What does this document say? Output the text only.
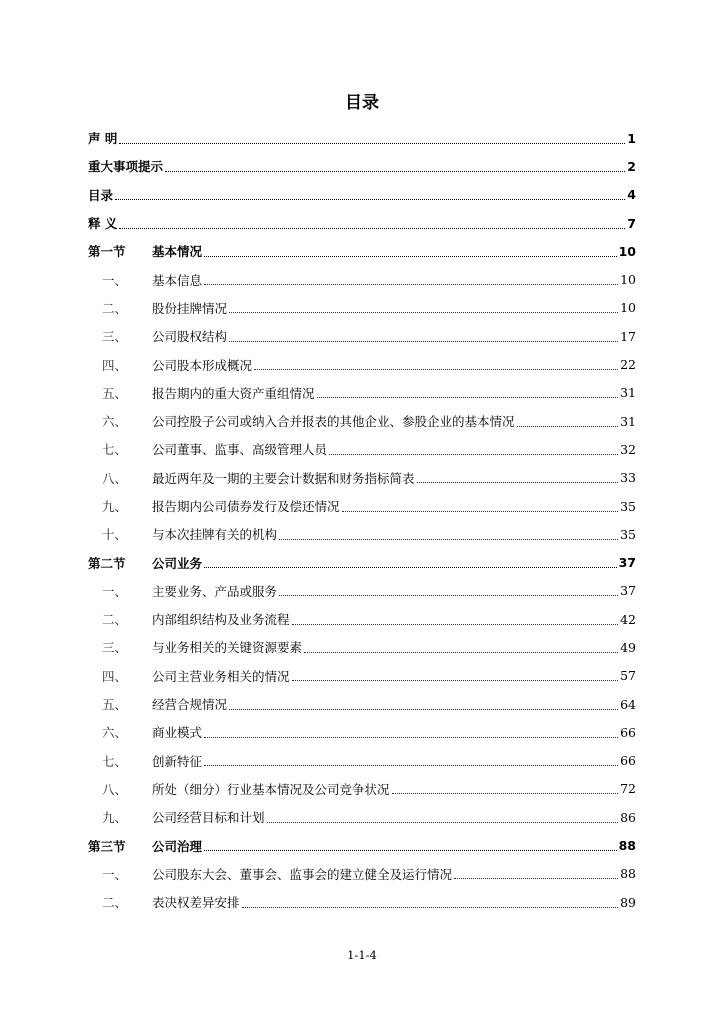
目录
声 明	1
重大事项提示	2
目录	4
释 义	7
第一节	基本情况	10
一、	基本信息	10
二、	股份挂牌情况	10
三、	公司股权结构	17
四、	公司股本形成概况	22
五、	报告期内的重大资产重组情况	31
六、	公司控股子公司或纳入合并报表的其他企业、参股企业的基本情况	31
七、	公司董事、监事、高级管理人员	32
八、	最近两年及一期的主要会计数据和财务指标简表	33
九、	报告期内公司债券发行及偿还情况	35
十、	与本次挂牌有关的机构	35
第二节	公司业务	37
一、	主要业务、产品或服务	37
二、	内部组织结构及业务流程	42
三、	与业务相关的关键资源要素	49
四、	公司主营业务相关的情况	57
五、	经营合规情况	64
六、	商业模式	66
七、	创新特征	66
八、	所处（细分）行业基本情况及公司竞争状况	72
九、	公司经营目标和计划	86
第三节	公司治理	88
一、	公司股东大会、董事会、监事会的建立健全及运行情况	88
二、	表决权差异安排	89
1-1-4
